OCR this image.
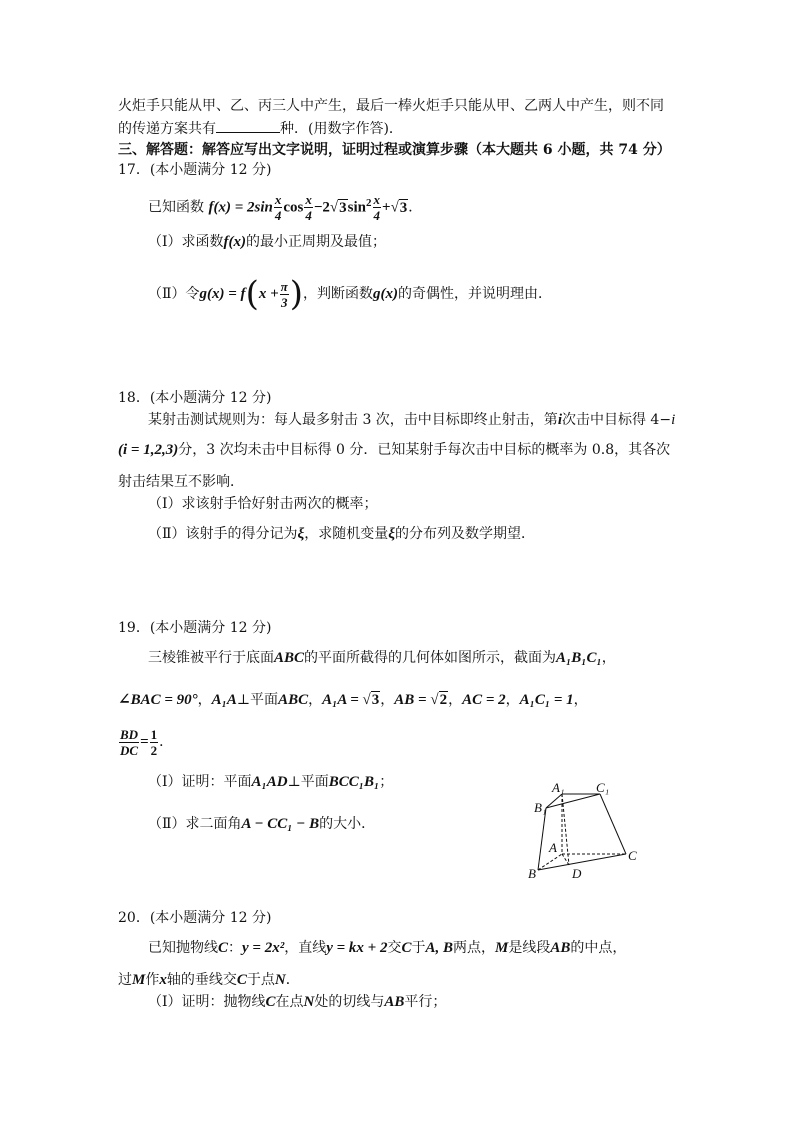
火炬手只能从甲、乙、丙三人中产生，最后一棒火炬手只能从甲、乙两人中产生，则不同
的传递方案共有	种．(用数字作答)．
三、解答题：解答应写出文字说明，证明过程或演算步骤（本大题共 6 小题，共 74 分）
17．(本小题满分 12 分)
已知函数 $f(x) = 2\sin \frac{x}{4}$ $\cos \frac{x}{4} -2√3\sin^2 \frac{x}{4} +√3$．
（Ⅰ）求函数f(x)的最小正周期及最值；
（Ⅱ）令$g(x) = f(x + \frac{\pi}{3}$ )，判断函数g(x)的奇偶性，并说明理由．
18．(本小题满分 12 分)
某射击测试规则为：每人最多射击 3 次，击中目标即终止射击，第i次击中目标得 4−i
(i = 1,2,3)分，3 次均未击中目标得 0 分．已知某射手每次击中目标的概率为 0.8，其各次
射击结果互不影响．
（Ⅰ）求该射手恰好射击两次的概率；
（Ⅱ）该射手的得分记为ξ，求随机变量ξ的分布列及数学期望．
19．(本小题满分 12 分)
三棱锥被平行于底面ABC的平面所截得的几何体如图所示，截面为A₁B₁C₁，
∠BAC = 90°，A₁A⊥平面ABC，A₁A = √3，AB = √2，AC = 2，A₁C₁ = 1，
$\frac{BD}{DC} = \frac{1}{2}$ ．
（Ⅰ）证明：平面A₁AD⊥平面BCC₁B₁；
（Ⅱ）求二面角A − CC₁ − B的大小．
A₁
B₁
C₁
A
B
C
D
20．(本小题满分 12 分)
已知抛物线C：y = 2x²，直线y = kx + 2交C于A, B两点，M是线段AB的中点，
过M作x轴的垂线交C于点N．
（Ⅰ）证明：抛物线C在点N处的切线与AB平行；
